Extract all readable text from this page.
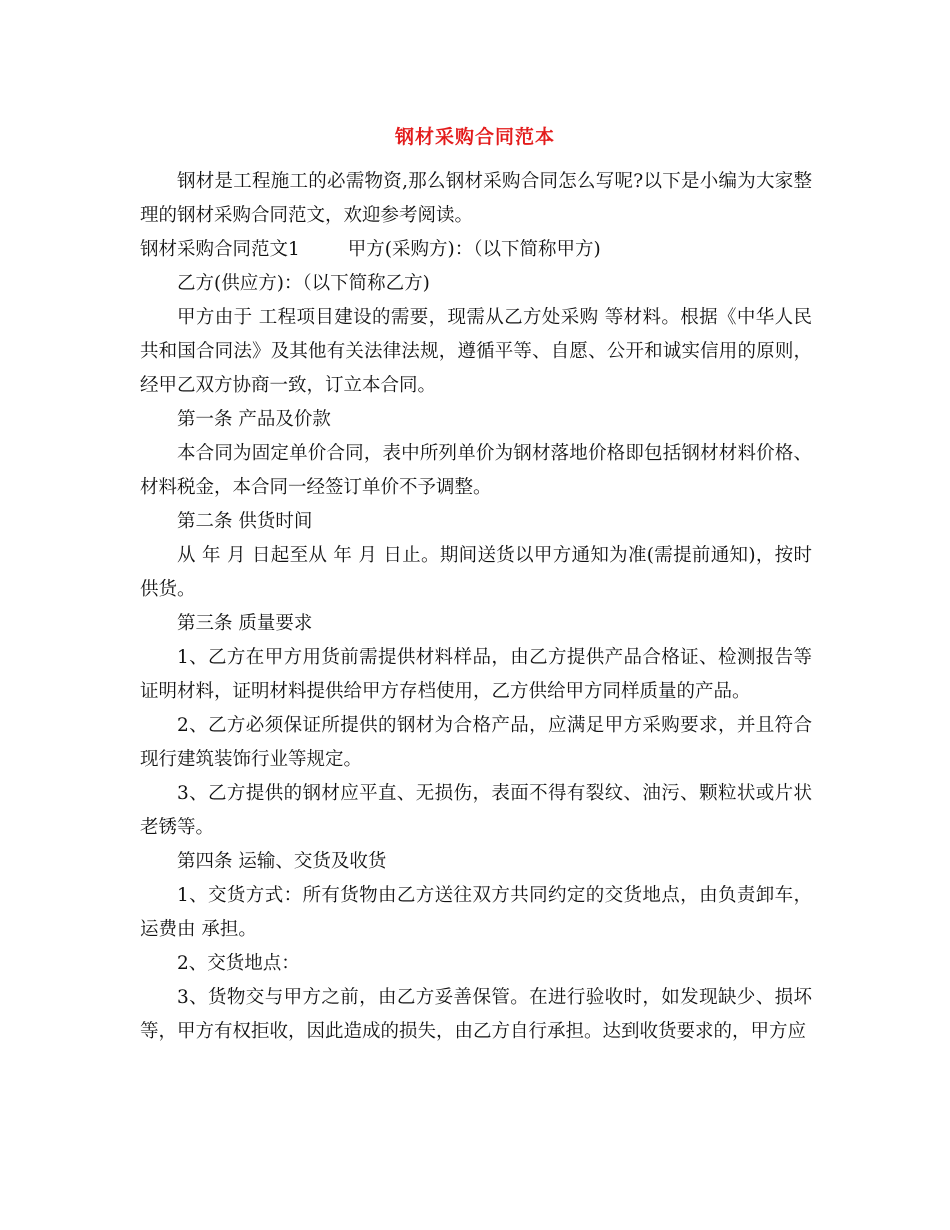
钢材采购合同范本

钢材是工程施工的必需物资,那么钢材采购合同怎么写呢?以下是小编为大家整理的钢材采购合同范文，欢迎参考阅读。

钢材采购合同范文1	甲方(采购方)：（以下简称甲方)

乙方(供应方)：（以下简称乙方)

甲方由于 工程项目建设的需要，现需从乙方处采购 等材料。根据《中华人民共和国合同法》及其他有关法律法规，遵循平等、自愿、公开和诚实信用的原则，经甲乙双方协商一致，订立本合同。

第一条 产品及价款

本合同为固定单价合同，表中所列单价为钢材落地价格即包括钢材材料价格、材料税金，本合同一经签订单价不予调整。

第二条 供货时间

从 年 月 日起至从 年 月 日止。期间送货以甲方通知为准(需提前通知)，按时供货。

第三条 质量要求

1、乙方在甲方用货前需提供材料样品，由乙方提供产品合格证、检测报告等证明材料，证明材料提供给甲方存档使用，乙方供给甲方同样质量的产品。

2、乙方必须保证所提供的钢材为合格产品，应满足甲方采购要求，并且符合现行建筑装饰行业等规定。

3、乙方提供的钢材应平直、无损伤，表面不得有裂纹、油污、颗粒状或片状老锈等。

第四条 运输、交货及收货

1、交货方式：所有货物由乙方送往双方共同约定的交货地点，由负责卸车，运费由 承担。

2、交货地点：

3、货物交与甲方之前，由乙方妥善保管。在进行验收时，如发现缺少、损坏等，甲方有权拒收，因此造成的损失，由乙方自行承担。达到收货要求的，甲方应
